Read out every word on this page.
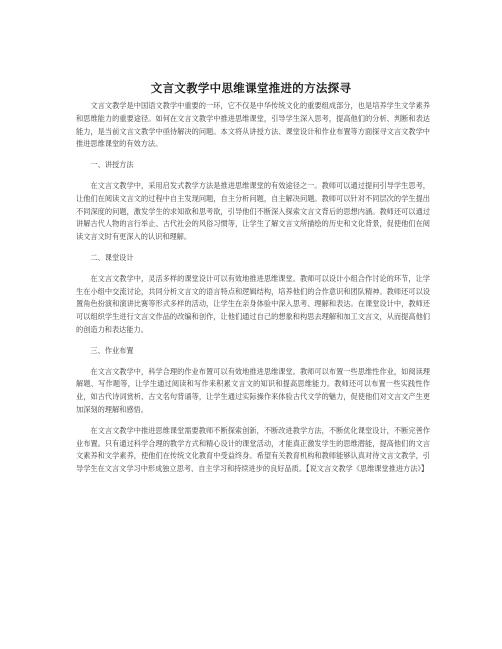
文言文教学中思维课堂推进的方法探寻

文言文教学是中国语文教学中重要的一环，它不仅是中华传统文化的重要组成部分，也是培养学生文学素养和思维能力的重要途径。如何在文言文教学中推进思维课堂，引导学生深入思考，提高他们的分析、判断和表达能力，是当前文言文教学中亟待解决的问题。本文将从讲授方法、课堂设计和作业布置等方面探寻文言文教学中推进思维课堂的有效方法。

一、讲授方法

在文言文教学中，采用启发式教学方法是推进思维课堂的有效途径之一。教师可以通过提问引导学生思考，让他们在阅读文言文的过程中自主发现问题，自主分析问题，自主解决问题。教师可以针对不同层次的学生提出不同深度的问题，激发学生的求知欲和思考欲，引导他们不断深入探索文言文背后的思想内涵。教师还可以通过讲解古代人物的言行举止、古代社会的风俗习惯等，让学生了解文言文所描绘的历史和文化背景，促使他们在阅读文言文时有更深入的认识和理解。

二、课堂设计

在文言文教学中，灵活多样的课堂设计可以有效地推进思维课堂。教师可以设计小组合作讨论的环节，让学生在小组中交流讨论，共同分析文言文的语言特点和逻辑结构，培养他们的合作意识和团队精神。教师还可以设置角色扮演和演讲比赛等形式多样的活动，让学生在亲身体验中深入思考、理解和表达。在课堂设计中，教师还可以组织学生进行文言文作品的改编和创作，让他们通过自己的想象和构思去理解和加工文言文，从而提高他们的创造力和表达能力。

三、作业布置

在文言文教学中，科学合理的作业布置可以有效地推进思维课堂。教师可以布置一些思维性作业，如阅读理解题、写作题等，让学生通过阅读和写作来积累文言文的知识和提高思维能力。教师还可以布置一些实践性作业，如古代诗词赏析、古文名句背诵等，让学生通过实际操作来体验古代文学的魅力，促使他们对文言文产生更加深刻的理解和感悟。

在文言文教学中推进思维课堂需要教师不断探索创新，不断改进教学方法，不断优化课堂设计，不断完善作业布置。只有通过科学合理的教学方式和精心设计的课堂活动，才能真正激发学生的思维潜能，提高他们的文言文素养和文学素养，使他们在传统文化教育中受益终身。希望有关教育机构和教师能够认真对待文言文教学，引导学生在文言文学习中形成独立思考、自主学习和持续进步的良好品质。【说文言文教学《思维课堂推进方法》】
